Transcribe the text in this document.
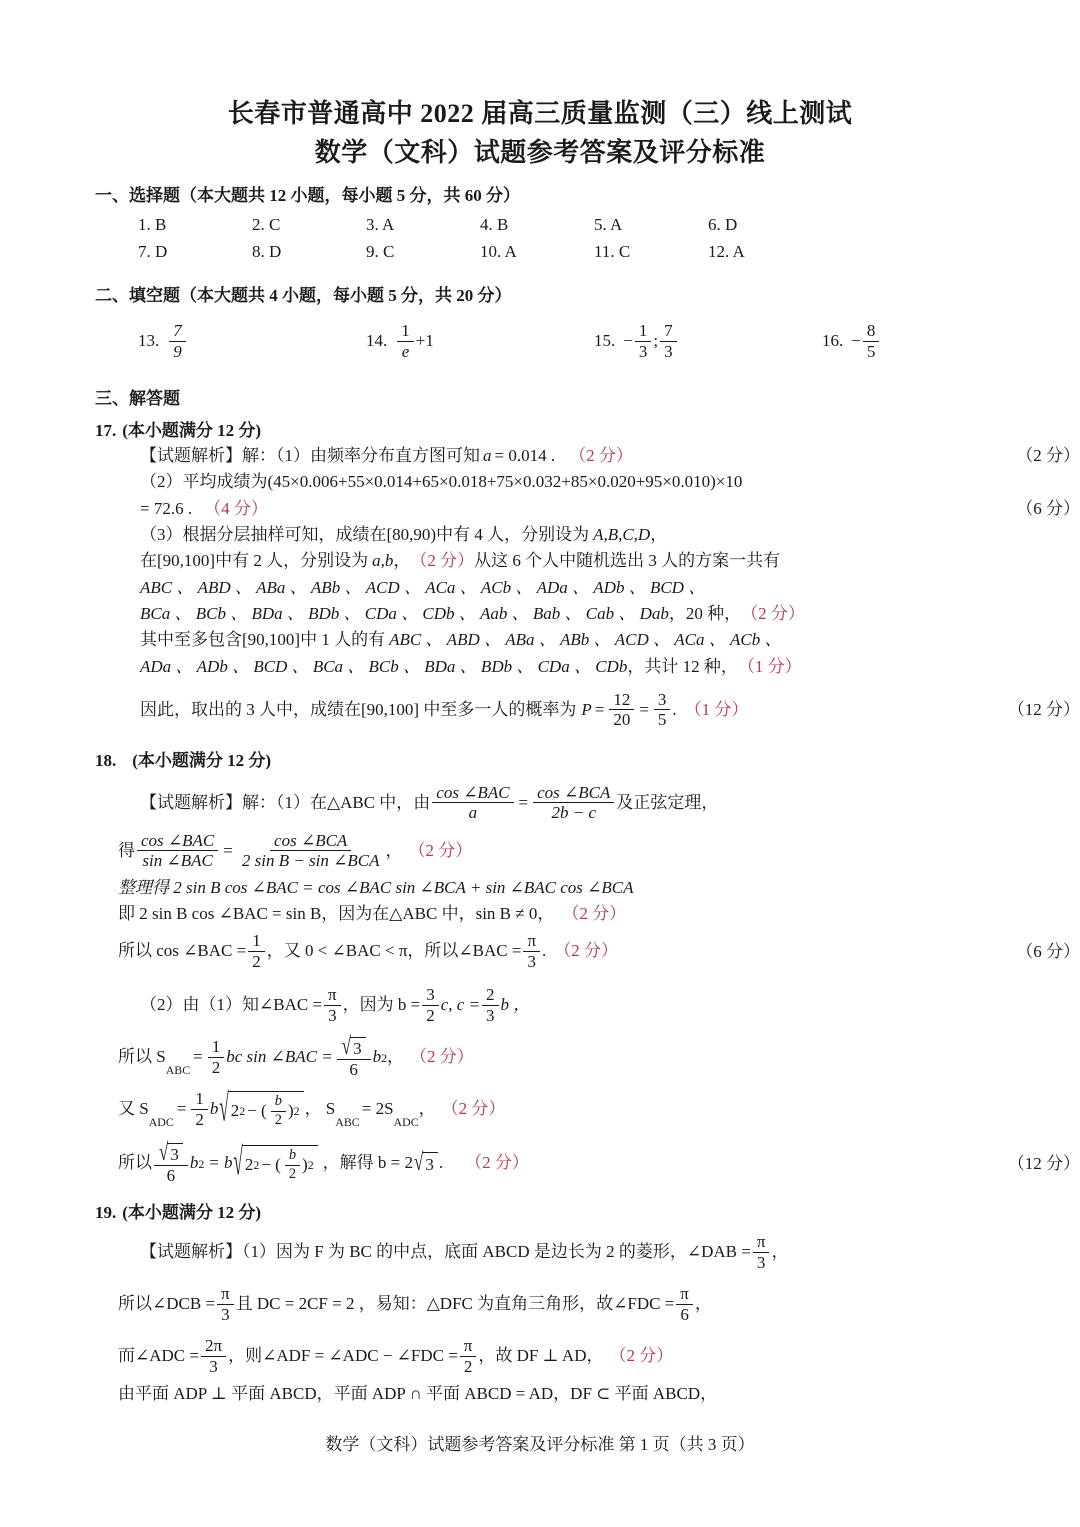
长春市普通高中 2022 届高三质量监测（三）线上测试
数学（文科）试题参考答案及评分标准
一、选择题（本大题共 12 小题，每小题 5 分，共 60 分）
1. B	2. C	3. A	4. B	5. A	6. D
7. D	8. D	9. C	10. A	11. C	12. A
二、填空题（本大题共 4 小题，每小题 5 分，共 20 分）
13. $\frac{7}{9}$	14. $\frac{1}{e} +1$	15. − $\frac{1}{3}$ ; $\frac{7}{3}$	16. − $\frac{8}{5}$
三、解答题
17. (本小题满分 12 分)
【试题解析】解：（1）由频率分布直方图可知 a = 0.014 . （2 分）	（2 分）
（2）平均成绩为(45×0.006+55×0.014+65×0.018+75×0.032+85×0.020+95×0.010)×10
= 72.6 . （4 分）	（6 分）
（3）根据分层抽样可知，成绩在[80,90) 中有 4 人，分别设为 A,B,C,D ，
在[90,100]中有 2 人，分别设为 a,b ， （2 分） 从这 6 个人中随机选出 3 人的方案一共有
ABC 、 ABD 、 ABa 、 ABb 、 ACD 、 ACa 、 ACb 、 ADa 、 ADb 、 BCD 、
BCa 、 BCb 、 BDa 、 BDb 、 CDa 、 CDb 、 Aab 、 Bab 、 Cab 、 Dab ，20 种， （2 分）
其中至多包含[90,100]中 1 人的有 ABC 、 ABD 、 ABa 、 ABb 、 ACD 、 ACa 、 ACb 、
ADa 、 ADb 、 BCD 、 BCa 、 BCb 、 BDa 、 BDb 、 CDa 、 CDb ，共计 12 种， （1 分）
因此，取出的 3 人中，成绩在[90,100] 中至多一人的概率为 $P = \frac{12}{20} = \frac{3}{5}$ . （1 分）	（12 分）
18. (本小题满分 12 分)
【试题解析】解：（1）在△ABC 中，由 $\frac{\text{cos ∠BAC}}{a} = \frac{\text{cos ∠BCA}}{2b - c}$ 及正弦定理，
得 $\frac{\text{cos ∠BAC}}{\text{sin ∠BAC}} = \frac{\text{cos ∠BCA}}{\text{2 sin B − sin ∠BCA}}$ ， （2 分）
整理得 2 sin B cos ∠BAC = cos ∠BAC sin ∠BCA + sin ∠BAC cos ∠BCA
即 2 sin B cos ∠BAC = sin B，因为在△ABC 中，sin B ≠ 0， （2 分）
所以 cos ∠BAC = $\frac{1}{2}$ ，又 0 < ∠BAC < π，所以∠BAC = $\frac{\pi}{3}$ . （2 分）	（6 分）
（2）由（1）知∠BAC = $\frac{\pi}{3}$ ，因为 $b = \frac{3}{2} c$, $c = \frac{2}{3}$ b ，
所以 S
ABC
= $\frac{1}{2}$ bc sin ∠BAC = $\frac{√ 3}{6}$ b 2 ， （2 分）
又 S
ADC
= $\frac{1}{2}$ b √ 2 2 − ( $\frac{b}{2}$ ) 2 ， S
ABC
= 2S
ADC
， （2 分）
所以 $\frac{√ 3}{6}$ b 2 = b √ 2 2 − ( $\frac{b}{2}$ ) 2 ，解得 b = 2 √ 3 . （2 分）	（12 分）
19. (本小题满分 12 分)
【试题解析】（1）因为 F 为 BC 的中点，底面 ABCD 是边长为 2 的菱形，∠DAB = $\frac{\pi}{3}$ ，
所以∠DCB = $\frac{\pi}{3}$ 且 DC = 2CF = 2 ，易知：△DFC 为直角三角形，故∠FDC = $\frac{\pi}{6}$ ，
而∠ADC = $\frac{2\pi}{3}$ ，则∠ADF = ∠ADC − ∠FDC = $\frac{\pi}{2}$ ，故 DF ⊥ AD， （2 分）
由平面 ADP ⊥ 平面 ABCD，平面 ADP ∩ 平面 ABCD = AD，DF ⊂ 平面 ABCD，
数学（文科）试题参考答案及评分标准 第 1 页（共 3 页）
